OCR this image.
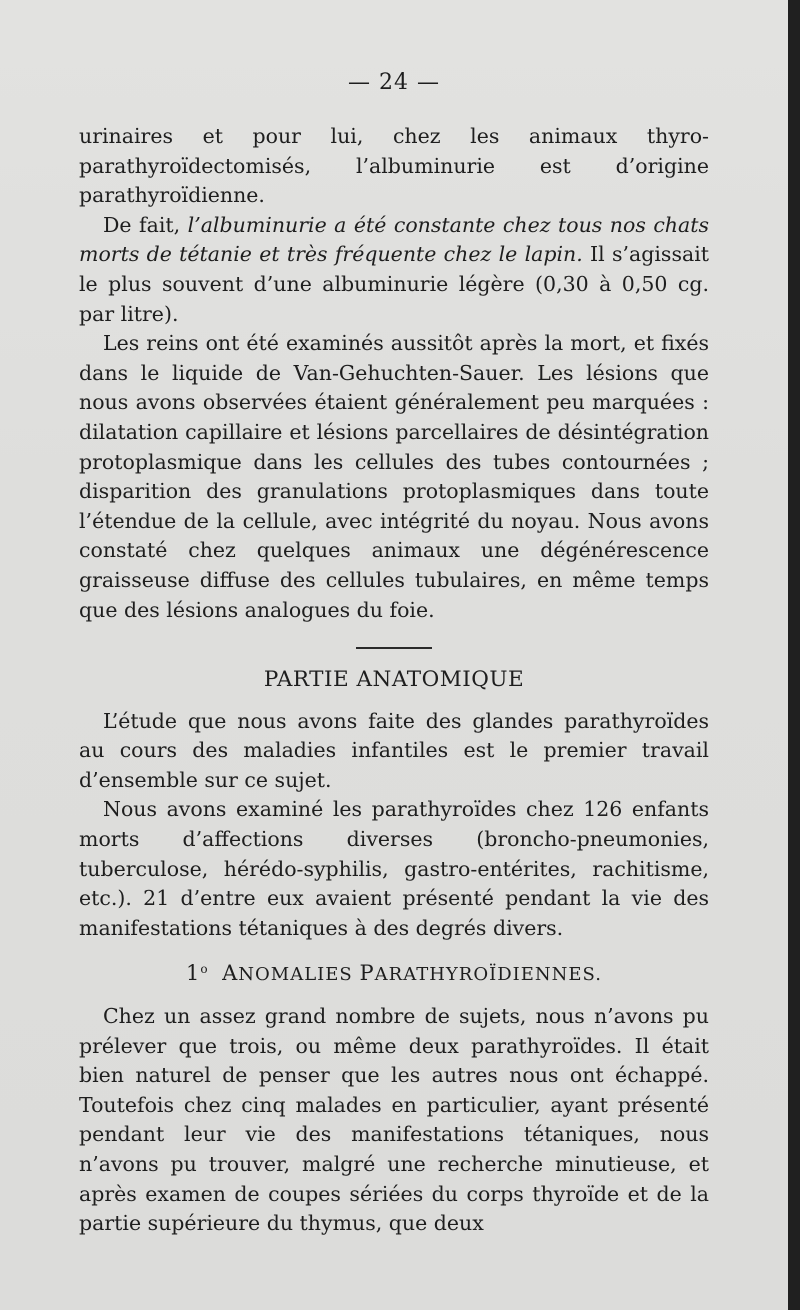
— 24 —

urinaires et pour lui, chez les animaux thyro-parathyroïdectomisés, l’albuminurie est d’origine parathyroïdienne.

De fait, l’albuminurie a été constante chez tous nos chats morts de tétanie et très fréquente chez le lapin. Il s’agissait le plus souvent d’une albuminurie légère (0,30 à 0,50 cg. par litre).

Les reins ont été examinés aussitôt après la mort, et fixés dans le liquide de Van-Gehuchten-Sauer. Les lésions que nous avons observées étaient généralement peu marquées : dilatation capillaire et lésions parcellaires de désintégration protoplasmique dans les cellules des tubes contournées ; disparition des granulations protoplasmiques dans toute l’étendue de la cellule, avec intégrité du noyau. Nous avons constaté chez quelques animaux une dégénérescence graisseuse diffuse des cellules tubulaires, en même temps que des lésions analogues du foie.

PARTIE ANATOMIQUE

L’étude que nous avons faite des glandes parathyroïdes au cours des maladies infantiles est le premier travail d’ensemble sur ce sujet.

Nous avons examiné les parathyroïdes chez 126 enfants morts d’affections diverses (broncho-pneumonies, tuberculose, hérédo-syphilis, gastro-entérites, rachitisme, etc.). 21 d’entre eux avaient présenté pendant la vie des manifestations tétaniques à des degrés divers.

1$^o$ ANOMALIES PARATHYROÏDIENNES.

Chez un assez grand nombre de sujets, nous n’avons pu prélever que trois, ou même deux parathyroïdes. Il était bien naturel de penser que les autres nous ont échappé. Toutefois chez cinq malades en particulier, ayant présenté pendant leur vie des manifestations tétaniques, nous n’avons pu trouver, malgré une recherche minutieuse, et après examen de coupes sériées du corps thyroïde et de la partie supérieure du thymus, que deux
